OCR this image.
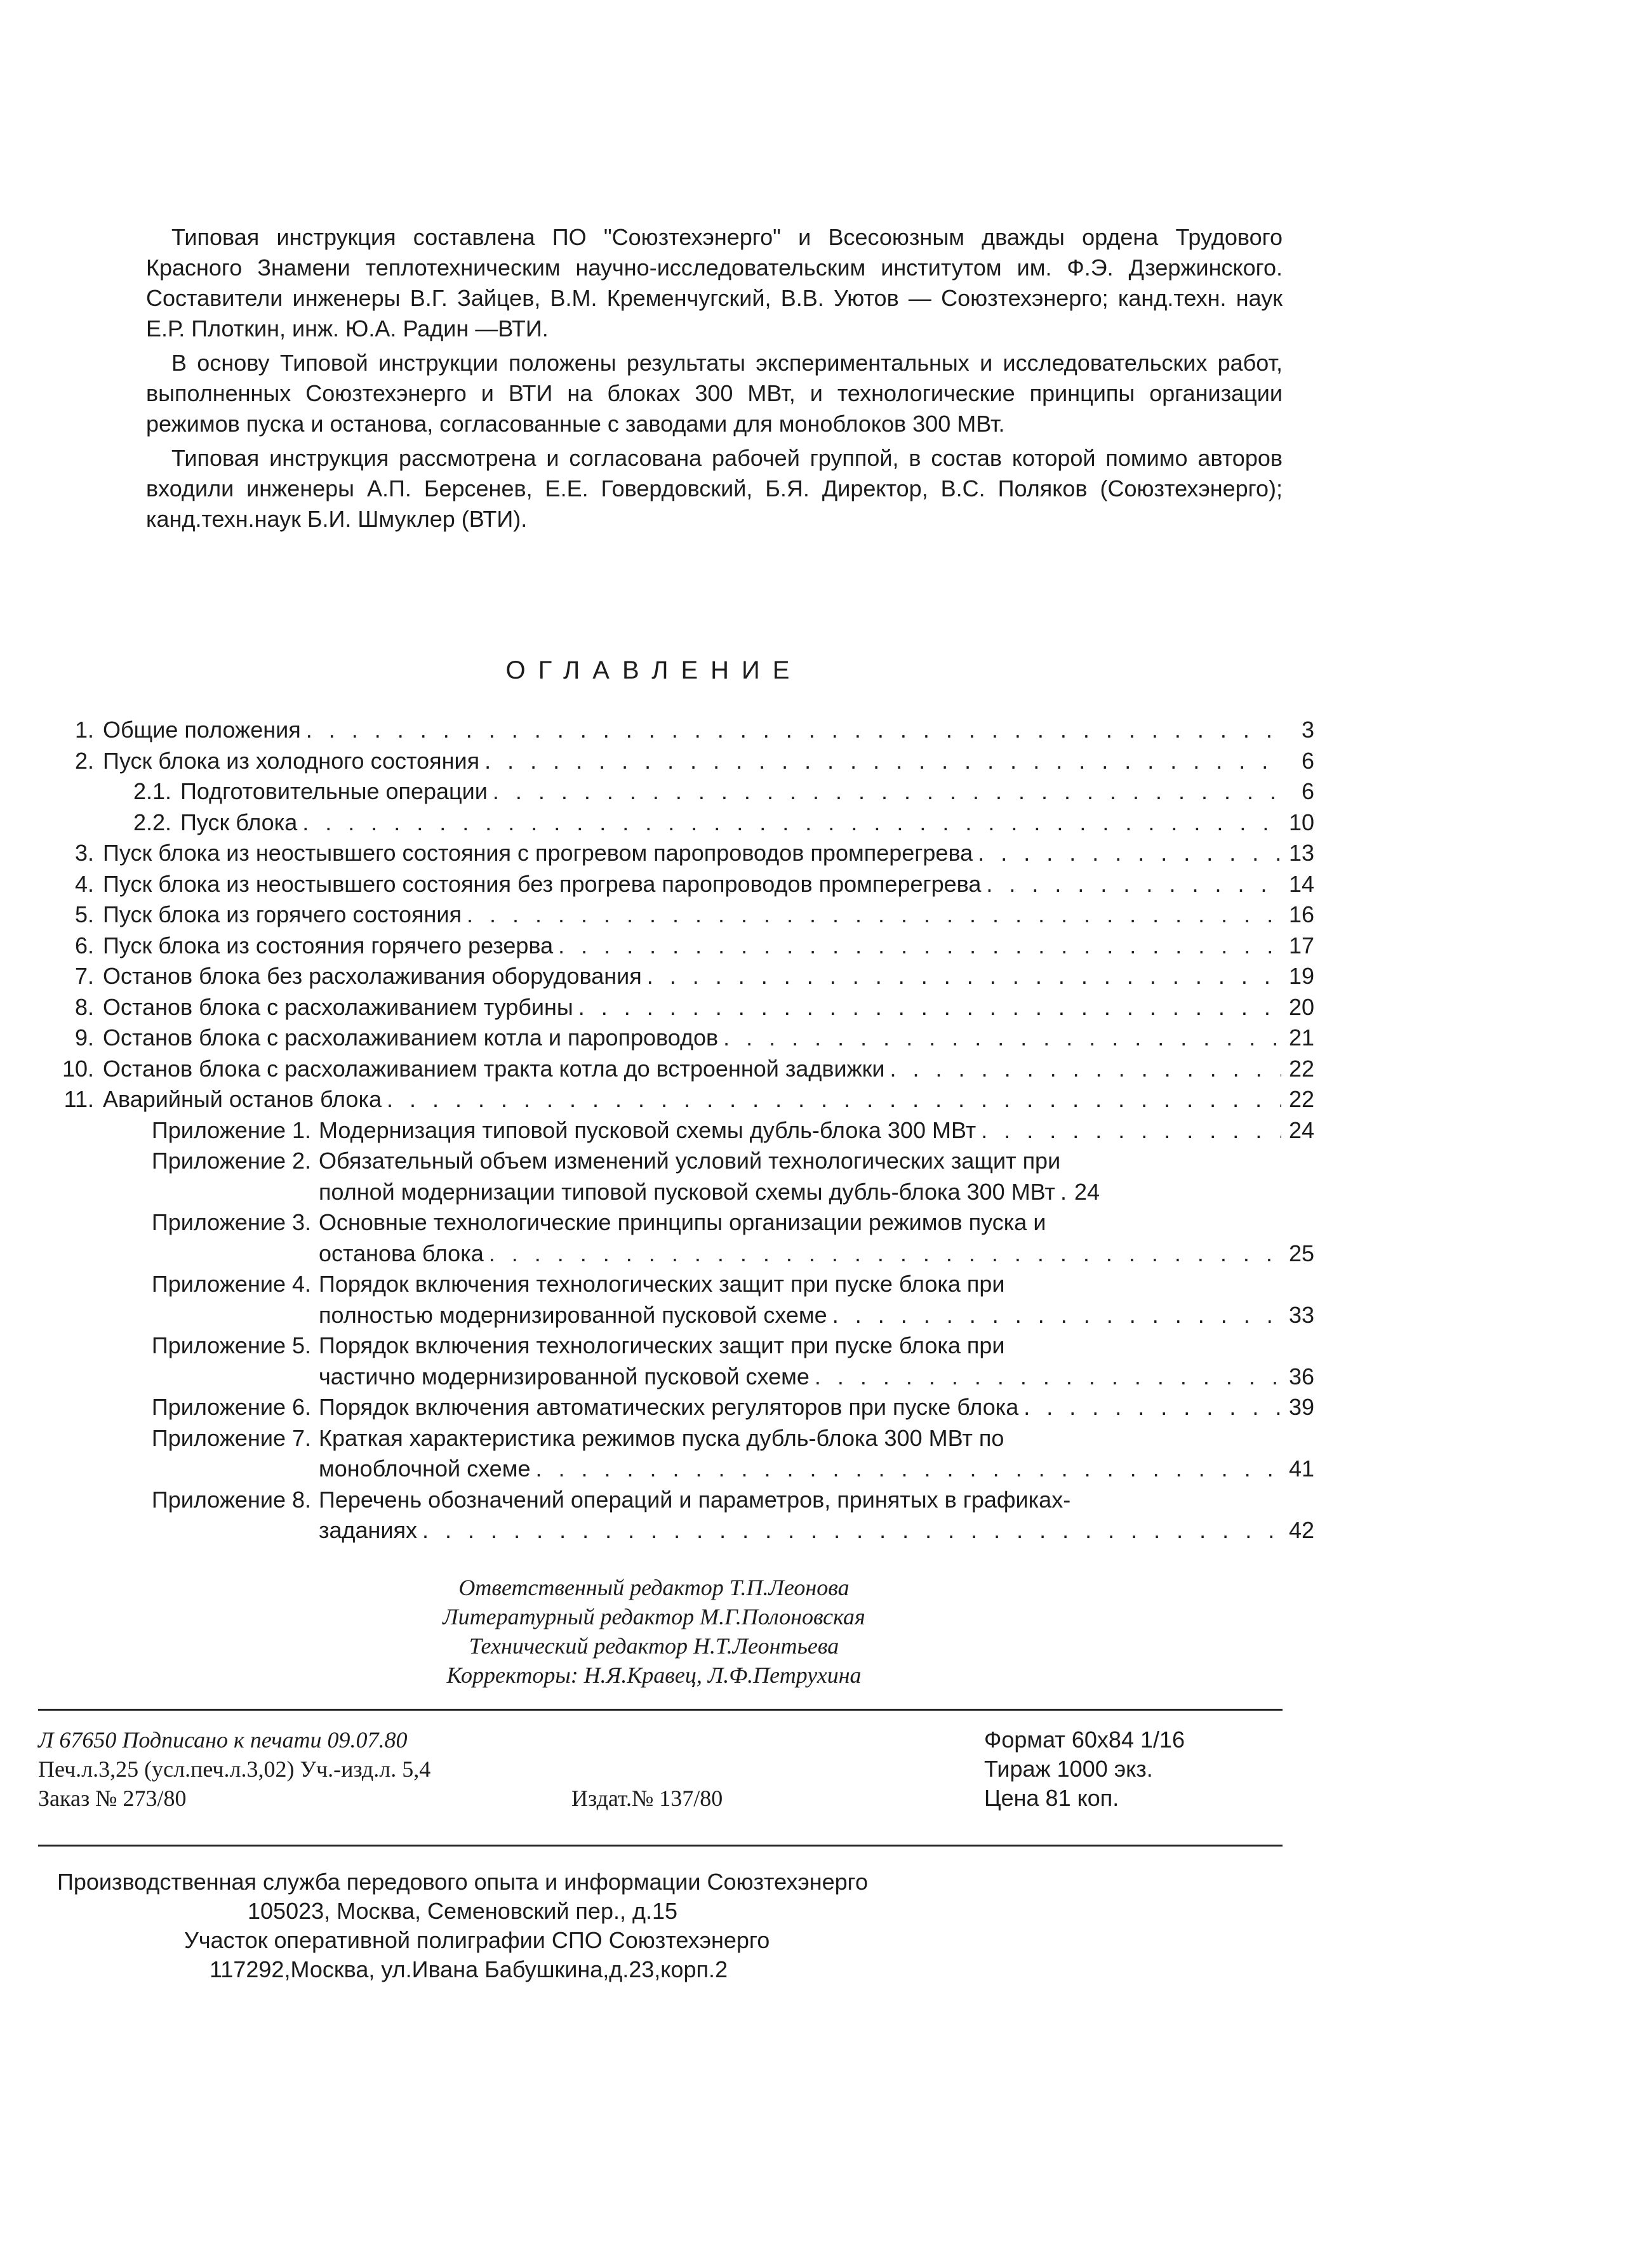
Типовая инструкция составлена ПО "Союзтехэнерго" и Всесоюзным дважды ордена Трудового Красного Знамени теплотехническим научно-исследовательским институтом им. Ф.Э. Дзержинского. Составители инженеры В.Г. Зайцев, В.М. Кременчугский, В.В. Уютов — Союзтехэнерго; канд.техн. наук Е.Р. Плоткин, инж. Ю.А. Радин —ВТИ.

В основу Типовой инструкции положены результаты экспериментальных и исследовательских работ, выполненных Союзтехэнерго и ВТИ на блоках 300 МВт, и технологические принципы организации режимов пуска и останова, согласованные с заводами для моноблоков 300 МВт.

Типовая инструкция рассмотрена и согласована рабочей группой, в состав которой помимо авторов входили инженеры А.П. Берсенев, Е.Е. Говердовский, Б.Я. Директор, В.С. Поляков (Союзтехэнерго); канд.техн.наук Б.И. Шмуклер (ВТИ).

ОГЛАВЛЕНИЕ
1. Общие положения . . .	3
2. Пуск блока из холодного состояния . . .	6
2.1. Подготовительные операции . . .	6
2.2. Пуск блока . . .	10
3. Пуск блока из неостывшего состояния с прогревом паропроводов промперегрева . . .	13
4. Пуск блока из неостывшего состояния без прогрева паропроводов промперегрева . . .	14
5. Пуск блока из горячего состояния . . .	16
6. Пуск блока из состояния горячего резерва . . .	17
7. Останов блока без расхолаживания оборудования . . .	19
8. Останов блока с расхолаживанием турбины . . .	20
9. Останов блока с расхолаживанием котла и паропроводов . . .	21
10. Останов блока с расхолаживанием тракта котла до встроенной задвижки . . .	22
11. Аварийный останов блока . . .	22
Приложение 1. Модернизация типовой пусковой схемы дубль-блока 300 МВт . . .	24
Приложение 2. Обязательный объем изменений условий технологических защит при
полной модернизации типовой пусковой схемы дубль-блока 300 МВт . . . 24
Приложение 3. Основные технологические принципы организации режимов пуска и
останова блока . . .	25
Приложение 4. Порядок включения технологических защит при пуске блока при
полностью модернизированной пусковой схеме . . .	33
Приложение 5. Порядок включения технологических защит при пуске блока при
частично модернизированной пусковой схеме . . .	36
Приложение 6. Порядок включения автоматических регуляторов при пуске блока . . .	39
Приложение 7. Краткая характеристика режимов пуска дубль-блока 300 МВт по
моноблочной схеме . . .	41
Приложение 8. Перечень обозначений операций и параметров, принятых в графиках-
заданиях . . .	42
Ответственный редактор Т.П.Леонова
Литературный редактор М.Г.Полоновская
Технический редактор Н.Т.Леонтьева
Корректоры: Н.Я.Кравец, Л.Ф.Петрухина
Л 67650 Подписано к печати 09.07.80
Печ.л.3,25 (усл.печ.л.3,02) Уч.-изд.л. 5,4
Заказ № 273/80	Издат.№ 137/80
Формат 60х84 1/16
Тираж 1000 экз.
Цена 81 коп.
Производственная служба передового опыта и информации Союзтехэнерго
105023, Москва, Семеновский пер., д.15
Участок оперативной полиграфии СПО Союзтехэнерго
117292,Москва, ул.Ивана Бабушкина,д.23,корп.2
